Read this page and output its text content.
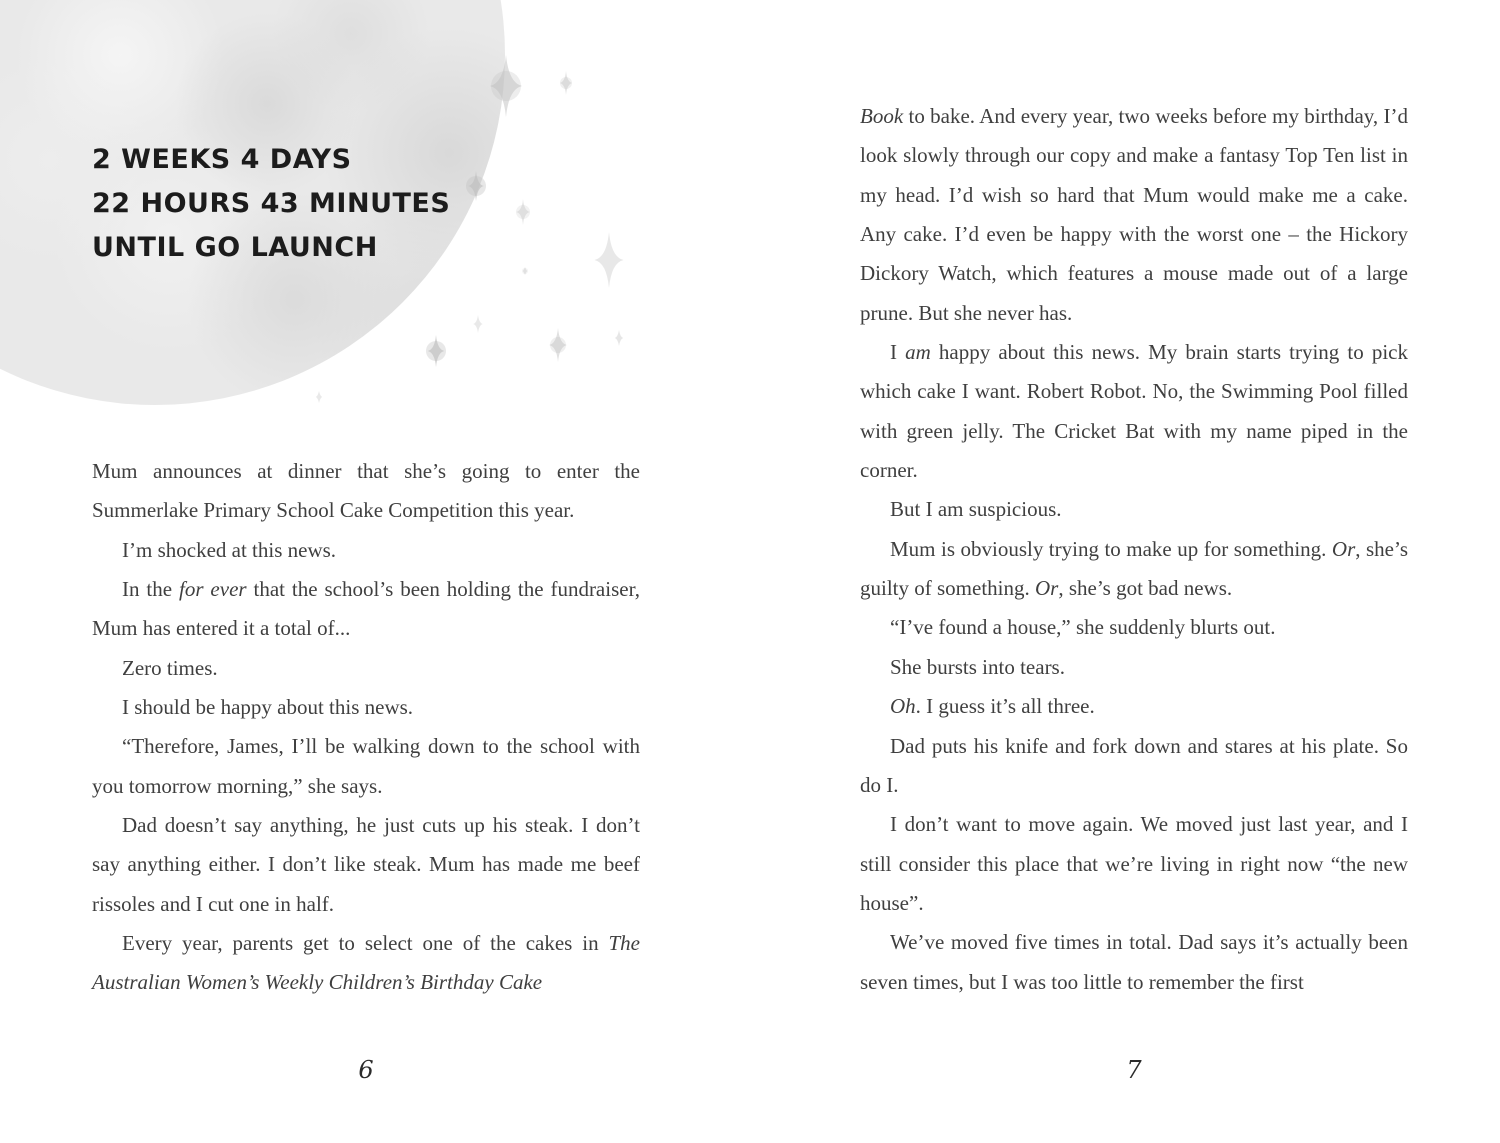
2 WEEKS 4 DAYS
22 HOURS 43 MINUTES
UNTIL GO LAUNCH

Mum announces at dinner that she’s going to enter the Summerlake Primary School Cake Competition this year.

I’m shocked at this news.

In the for ever that the school’s been holding the fundraiser, Mum has entered it a total of...

Zero times.

I should be happy about this news.

“Therefore, James, I’ll be walking down to the school with you tomorrow morning,” she says.

Dad doesn’t say anything, he just cuts up his steak. I don’t say anything either. I don’t like steak. Mum has made me beef rissoles and I cut one in half.

Every year, parents get to select one of the cakes in The Australian Women’s Weekly Children’s Birthday Cake

Book to bake. And every year, two weeks before my birthday, I’d look slowly through our copy and make a fantasy Top Ten list in my head. I’d wish so hard that Mum would make me a cake. Any cake. I’d even be happy with the worst one – the Hickory Dickory Watch, which features a mouse made out of a large prune. But she never has.

I am happy about this news. My brain starts trying to pick which cake I want. Robert Robot. No, the Swimming Pool filled with green jelly. The Cricket Bat with my name piped in the corner.

But I am suspicious.

Mum is obviously trying to make up for something. Or, she’s guilty of something. Or, she’s got bad news.

“I’ve found a house,” she suddenly blurts out.

She bursts into tears.

Oh. I guess it’s all three.

Dad puts his knife and fork down and stares at his plate. So do I.

I don’t want to move again. We moved just last year, and I still consider this place that we’re living in right now “the new house”.

We’ve moved five times in total. Dad says it’s actually been seven times, but I was too little to remember the first

6	7
